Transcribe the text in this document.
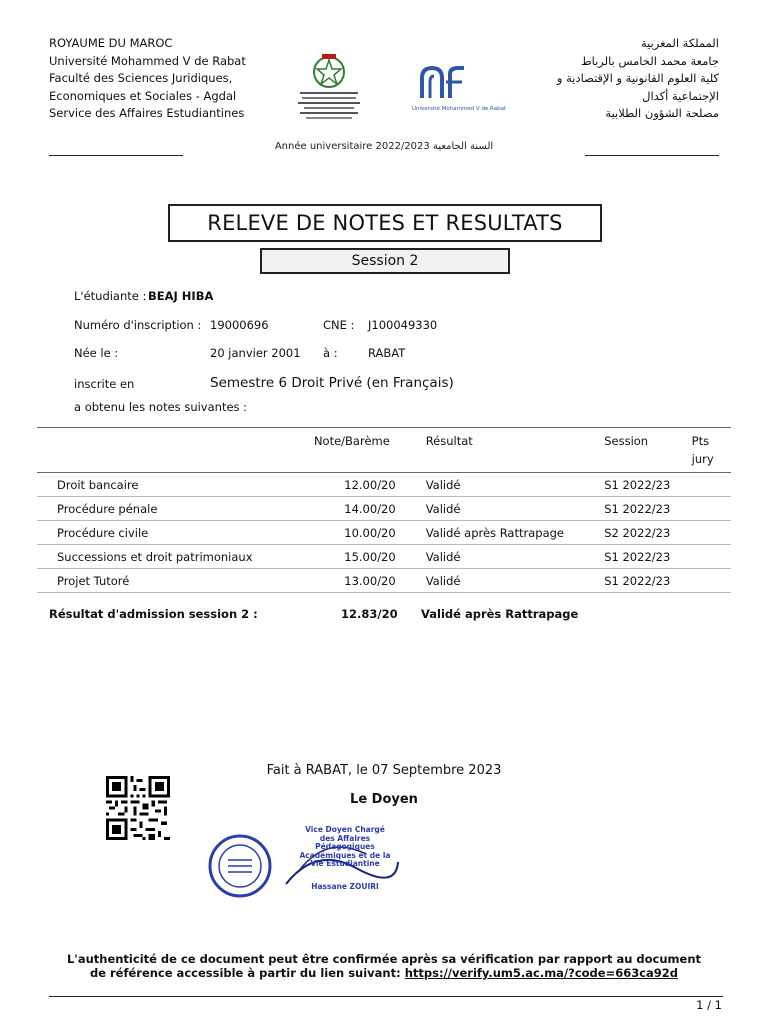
ROYAUME DU MAROC
Université Mohammed V de Rabat
Faculté des Sciences Juridiques,
Economiques et Sociales - Agdal
Service des Affaires Estudiantines
المملكة المغربية
جامعة محمد الخامس بالرباط
كلية العلوم القانونية و الإقتصادية و
الإجتماعية أكدال
مصلحة الشؤون الطلابية
Université Mohammed V de Rabat
Année universitaire 2022/2023 السنة الجامعية
RELEVE DE NOTES ET RESULTATS
Session 2
L'étudiante : BEAJ HIBA
Numéro d'inscription : 19000696	CNE : J100049330
Née le :	20 janvier 2001 à :	RABAT
inscrite en	Semestre 6 Droit Privé (en Français)
a obtenu les notes suivantes :
	Note/Barème	Résultat	Session	Pts jury
Droit bancaire	12.00/20	Validé	S1 2022/23	
Procédure pénale	14.00/20	Validé	S1 2022/23	
Procédure civile	10.00/20	Validé après Rattrapage	S2 2022/23	
Successions et droit patrimoniaux	15.00/20	Validé	S1 2022/23	
Projet Tutoré	13.00/20	Validé	S1 2022/23	
Résultat d'admission session 2 :	12.83/20 Validé après Rattrapage
Fait à RABAT, le 07 Septembre 2023
Le Doyen
Vice Doyen Chargé
des Affaires Pédagogiques
Académiques et de la
Vie Estudiantine
Hassane ZOUIRI
L'authenticité de ce document peut être confirmée après sa vérification par rapport au document de référence accessible à partir du lien suivant: https://verify.um5.ac.ma/?code=663ca92d
1 / 1
